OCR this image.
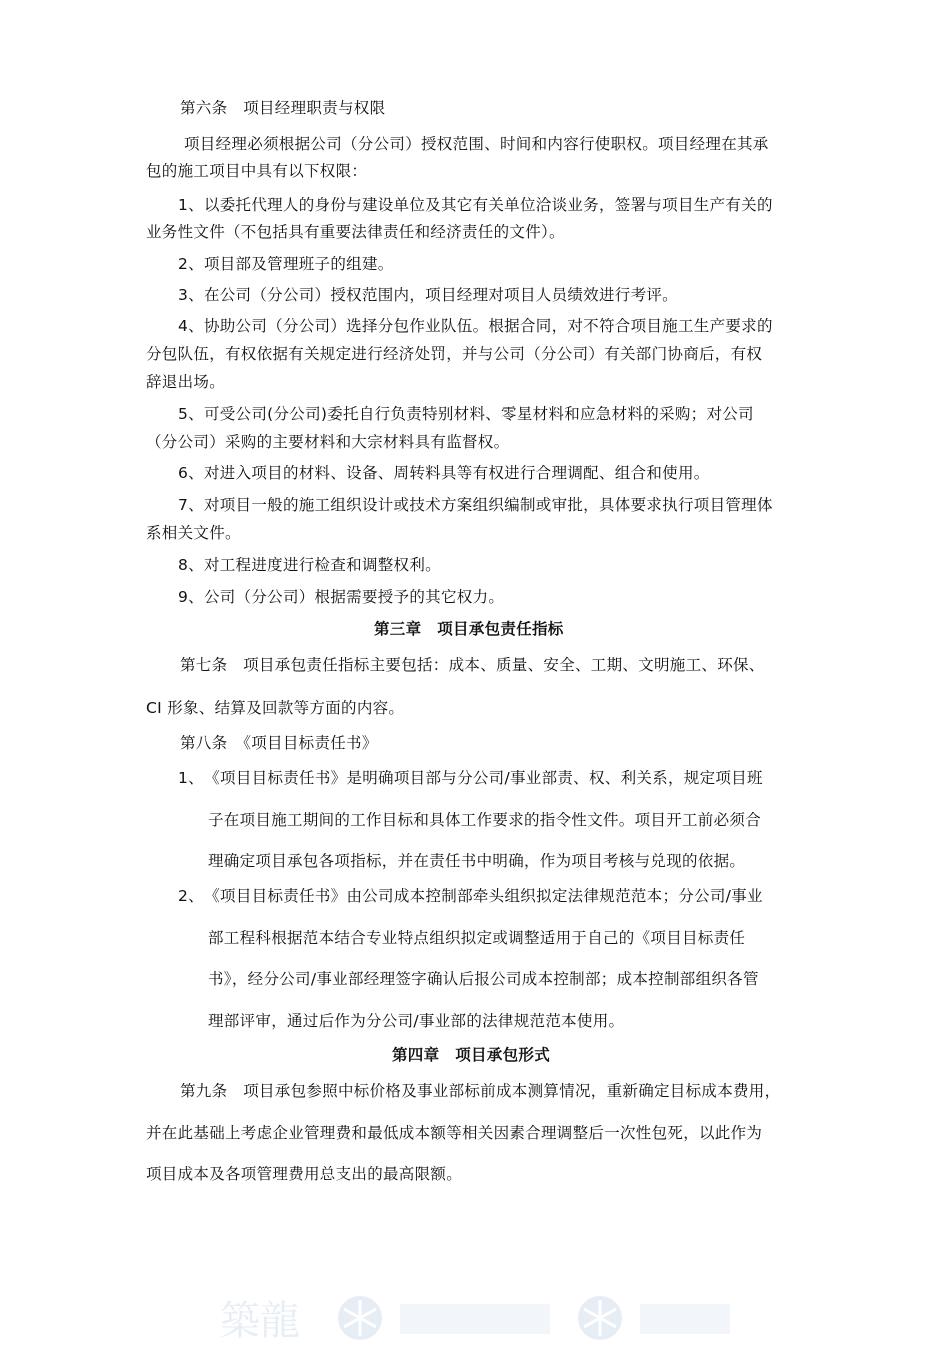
第六条　项目经理职责与权限
项目经理必须根据公司（分公司）授权范围、时间和内容行使职权。项目经理在其承
包的施工项目中具有以下权限：
1、以委托代理人的身份与建设单位及其它有关单位洽谈业务，签署与项目生产有关的
业务性文件（不包括具有重要法律责任和经济责任的文件）。
2、项目部及管理班子的组建。
3、在公司（分公司）授权范围内，项目经理对项目人员绩效进行考评。
4、协助公司（分公司）选择分包作业队伍。根据合同，对不符合项目施工生产要求的
分包队伍，有权依据有关规定进行经济处罚，并与公司（分公司）有关部门协商后，有权
辞退出场。
5、可受公司(分公司)委托自行负责特别材料、零星材料和应急材料的采购；对公司
（分公司）采购的主要材料和大宗材料具有监督权。
6、对进入项目的材料、设备、周转料具等有权进行合理调配、组合和使用。
7、对项目一般的施工组织设计或技术方案组织编制或审批，具体要求执行项目管理体
系相关文件。
8、对工程进度进行检查和调整权利。
9、公司（分公司）根据需要授予的其它权力。
第三章　项目承包责任指标
第七条　项目承包责任指标主要包括：成本、质量、安全、工期、文明施工、环保、
CI 形象、结算及回款等方面的内容。
第八条　《项目目标责任书》
1、　《项目目标责任书》是明确项目部与分公司/事业部责、权、利关系，规定项目班
子在项目施工期间的工作目标和具体工作要求的指令性文件。项目开工前必须合
理确定项目承包各项指标，并在责任书中明确，作为项目考核与兑现的依据。
2、　《项目目标责任书》由公司成本控制部牵头组织拟定法律规范范本；分公司/事业
部工程科根据范本结合专业特点组织拟定或调整适用于自己的《项目目标责任
书》，经分公司/事业部经理签字确认后报公司成本控制部；成本控制部组织各管
理部评审，通过后作为分公司/事业部的法律规范范本使用。
第四章　项目承包形式
第九条　项目承包参照中标价格及事业部标前成本测算情况，重新确定目标成本费用，
并在此基础上考虑企业管理费和最低成本额等相关因素合理调整后一次性包死，以此作为
项目成本及各项管理费用总支出的最高限额。
築龍
